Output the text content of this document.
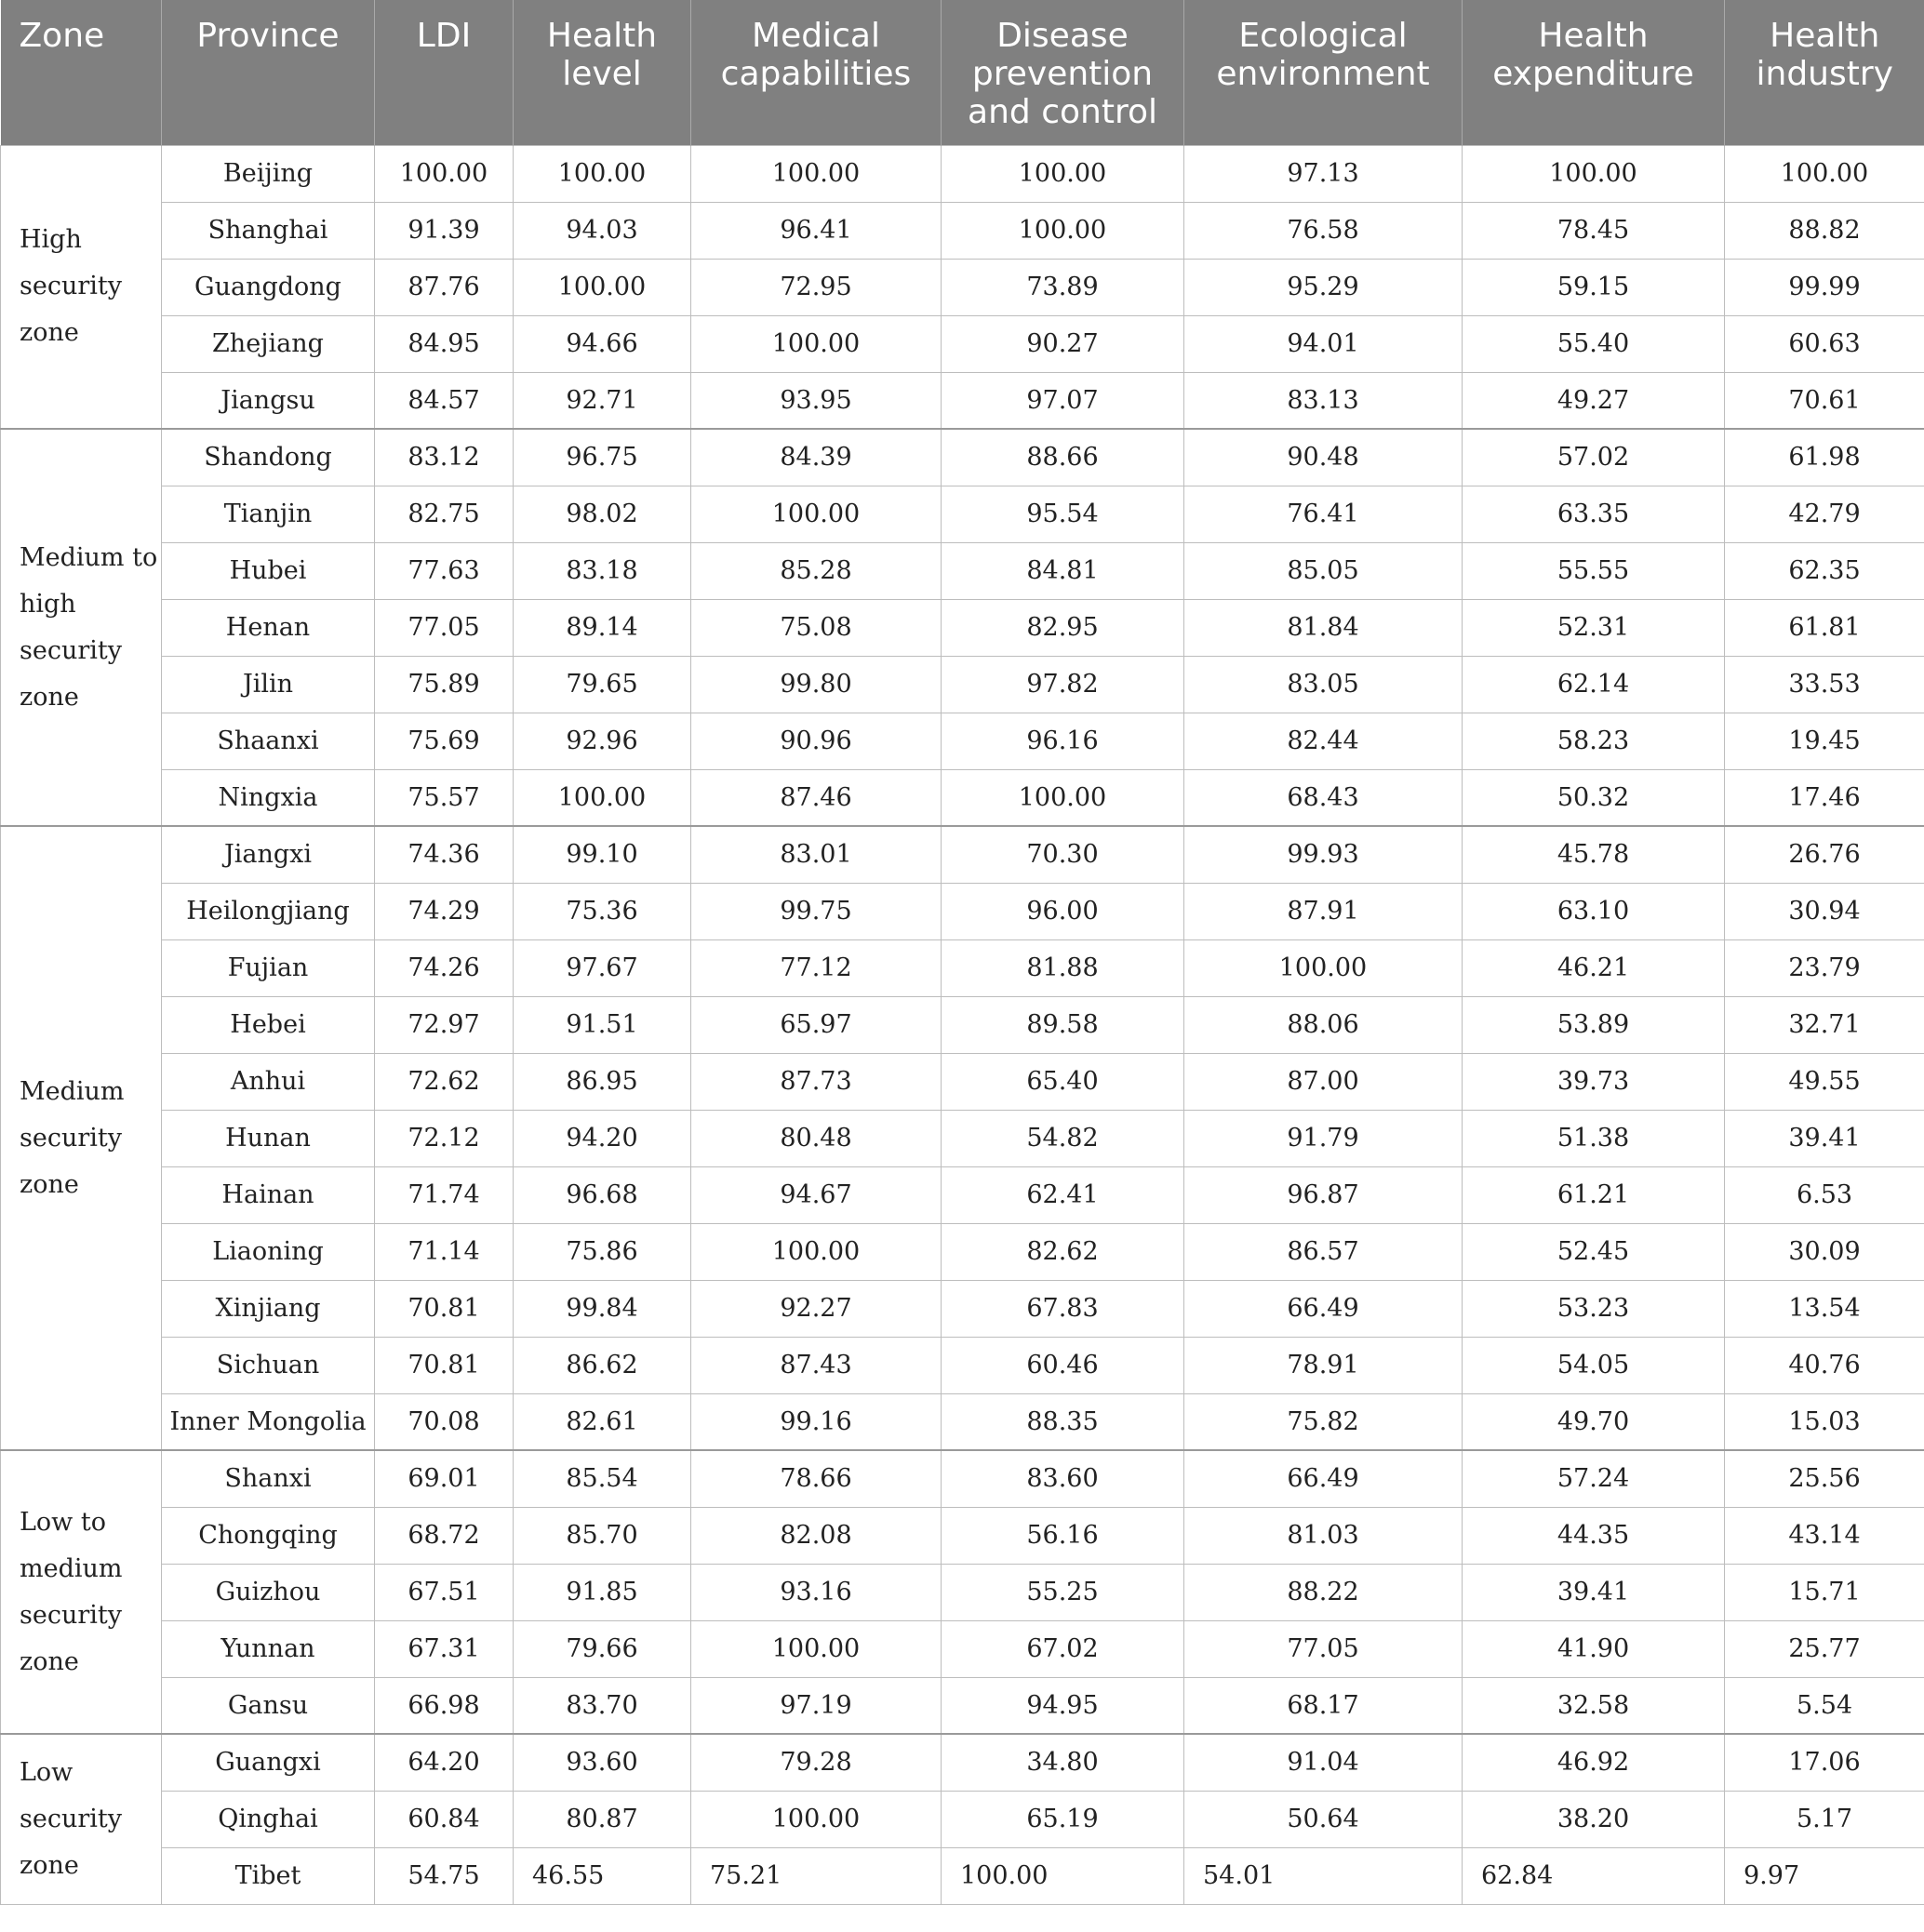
Zone	Province	LDI	Health level	Medical capabilities	Disease prevention and control	Ecological environment	Health expenditure	Health industry
High security zone	Beijing	100.00	100.00	100.00	100.00	97.13	100.00	100.00
	Shanghai	91.39	94.03	96.41	100.00	76.58	78.45	88.82
	Guangdong	87.76	100.00	72.95	73.89	95.29	59.15	99.99
	Zhejiang	84.95	94.66	100.00	90.27	94.01	55.40	60.63
	Jiangsu	84.57	92.71	93.95	97.07	83.13	49.27	70.61
Medium to high security zone	Shandong	83.12	96.75	84.39	88.66	90.48	57.02	61.98
	Tianjin	82.75	98.02	100.00	95.54	76.41	63.35	42.79
	Hubei	77.63	83.18	85.28	84.81	85.05	55.55	62.35
	Henan	77.05	89.14	75.08	82.95	81.84	52.31	61.81
	Jilin	75.89	79.65	99.80	97.82	83.05	62.14	33.53
	Shaanxi	75.69	92.96	90.96	96.16	82.44	58.23	19.45
	Ningxia	75.57	100.00	87.46	100.00	68.43	50.32	17.46
Medium security zone	Jiangxi	74.36	99.10	83.01	70.30	99.93	45.78	26.76
	Heilongjiang	74.29	75.36	99.75	96.00	87.91	63.10	30.94
	Fujian	74.26	97.67	77.12	81.88	100.00	46.21	23.79
	Hebei	72.97	91.51	65.97	89.58	88.06	53.89	32.71
	Anhui	72.62	86.95	87.73	65.40	87.00	39.73	49.55
	Hunan	72.12	94.20	80.48	54.82	91.79	51.38	39.41
	Hainan	71.74	96.68	94.67	62.41	96.87	61.21	6.53
	Liaoning	71.14	75.86	100.00	82.62	86.57	52.45	30.09
	Xinjiang	70.81	99.84	92.27	67.83	66.49	53.23	13.54
	Sichuan	70.81	86.62	87.43	60.46	78.91	54.05	40.76
	Inner Mongolia	70.08	82.61	99.16	88.35	75.82	49.70	15.03
Low to medium security zone	Shanxi	69.01	85.54	78.66	83.60	66.49	57.24	25.56
	Chongqing	68.72	85.70	82.08	56.16	81.03	44.35	43.14
	Guizhou	67.51	91.85	93.16	55.25	88.22	39.41	15.71
	Yunnan	67.31	79.66	100.00	67.02	77.05	41.90	25.77
	Gansu	66.98	83.70	97.19	94.95	68.17	32.58	5.54
Low security zone	Guangxi	64.20	93.60	79.28	34.80	91.04	46.92	17.06
	Qinghai	60.84	80.87	100.00	65.19	50.64	38.20	5.17
	Tibet	54.75	46.55	75.21	100.00	54.01	62.84	9.97
